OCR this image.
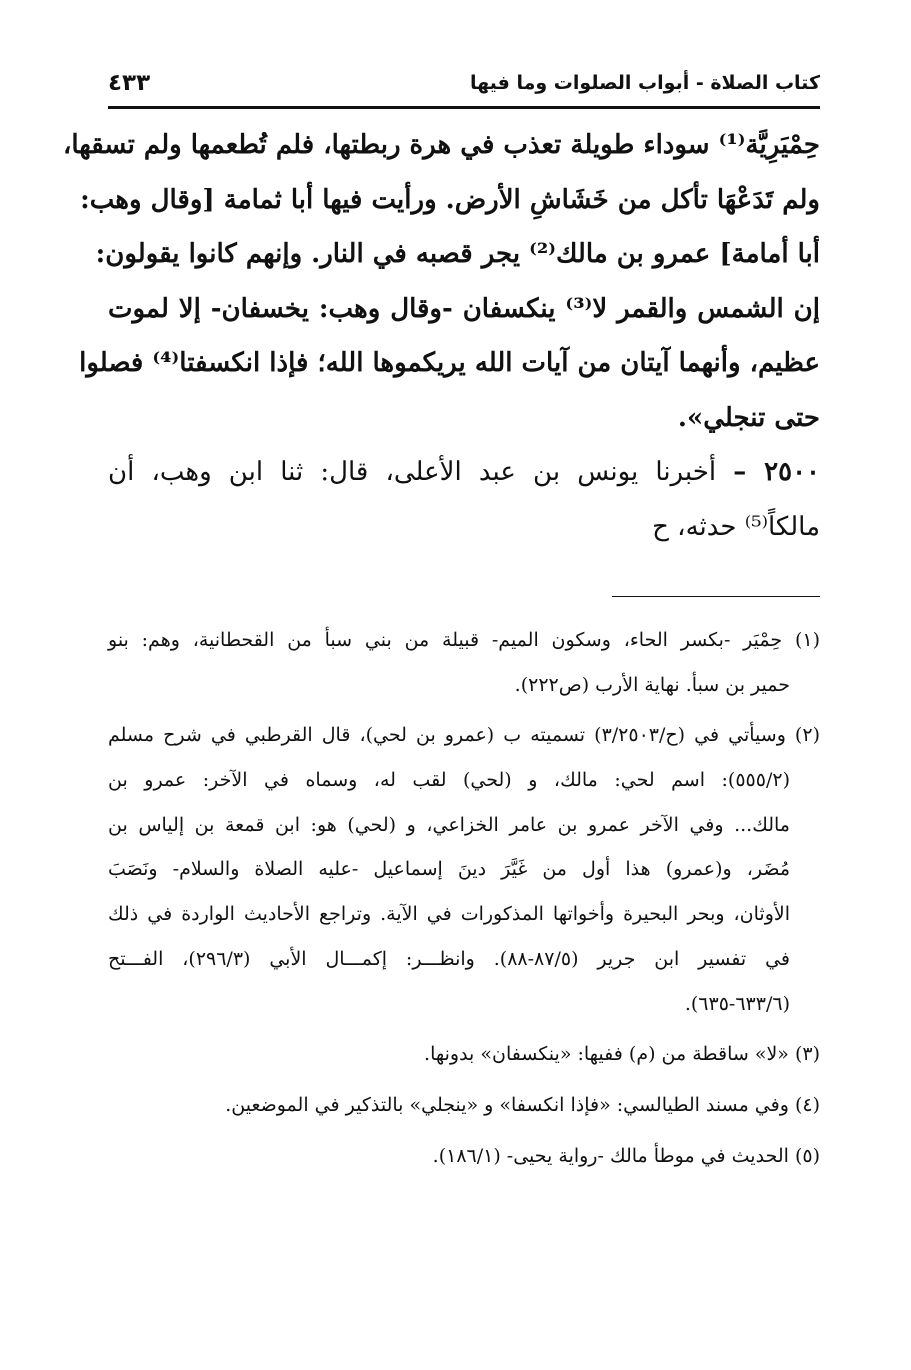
كتاب الصلاة - أبواب الصلوات وما فيها
٤٣٣
حِمْيَرِيَّة⁽¹⁾ سوداء طويلة تعذب في هرة ربطتها، فلم تُطعمها ولم تسقها،
ولم تَدَعْهَا تأكل من خَشَاشِ الأرض. ورأيت فيها أبا ثمامة [وقال وهب:
أبا أمامة] عمرو بن مالك⁽²⁾ يجر قصبه في النار. وإنهم كانوا يقولون:
إن الشمس والقمر لا⁽³⁾ ينكسفان -وقال وهب: يخسفان- إلا لموت
عظيم، وأنهما آيتان من آيات الله يريكموها الله؛ فإذا انكسفتا⁽⁴⁾ فصلوا
حتى تنجلي».
٢٥٠٠ – أخبرنا يونس بن عبد الأعلى، قال: ثنا ابن وهب، أن
مالكاً⁽⁵⁾ حدثه، ح
(١) حِمْيَر -بكسر الحاء، وسكون الميم- قبيلة من بني سبأ من القحطانية، وهم: بنو
حمير بن سبأ. نهاية الأرب (ص٢٢٢).
(٢) وسيأتي في (ح/٣/٢٥٠٣) تسميته ب (عمرو بن لحي)، قال القرطبي في شرح مسلم
(٥٥٥/٢): اسم لحي: مالك، و (لحي) لقب له، وسماه في الآخر: عمرو بن
مالك... وفي الآخر عمرو بن عامر الخزاعي، و (لحي) هو: ابن قمعة بن إلياس بن
مُضَر، و(عمرو) هذا أول من غَيَّرَ دينَ إسماعيل -عليه الصلاة والسلام- ونَصَبَ
الأوثان، وبحر البحيرة وأخواتها المذكورات في الآية. وتراجع الأحاديث الواردة في ذلك
في تفسير ابن جرير (٨٧/٥-٨٨). وانظـــر: إكمـــال الأبي (٢٩٦/٣)، الفـــتح
(٦٣٣/٦-٦٣٥).
(٣) «لا» ساقطة من (م) ففيها: «ينكسفان» بدونها.
(٤) وفي مسند الطيالسي: «فإذا انكسفا» و «ينجلي» بالتذكير في الموضعين.
(٥) الحديث في موطأ مالك -رواية يحيى- (١٨٦/١).
